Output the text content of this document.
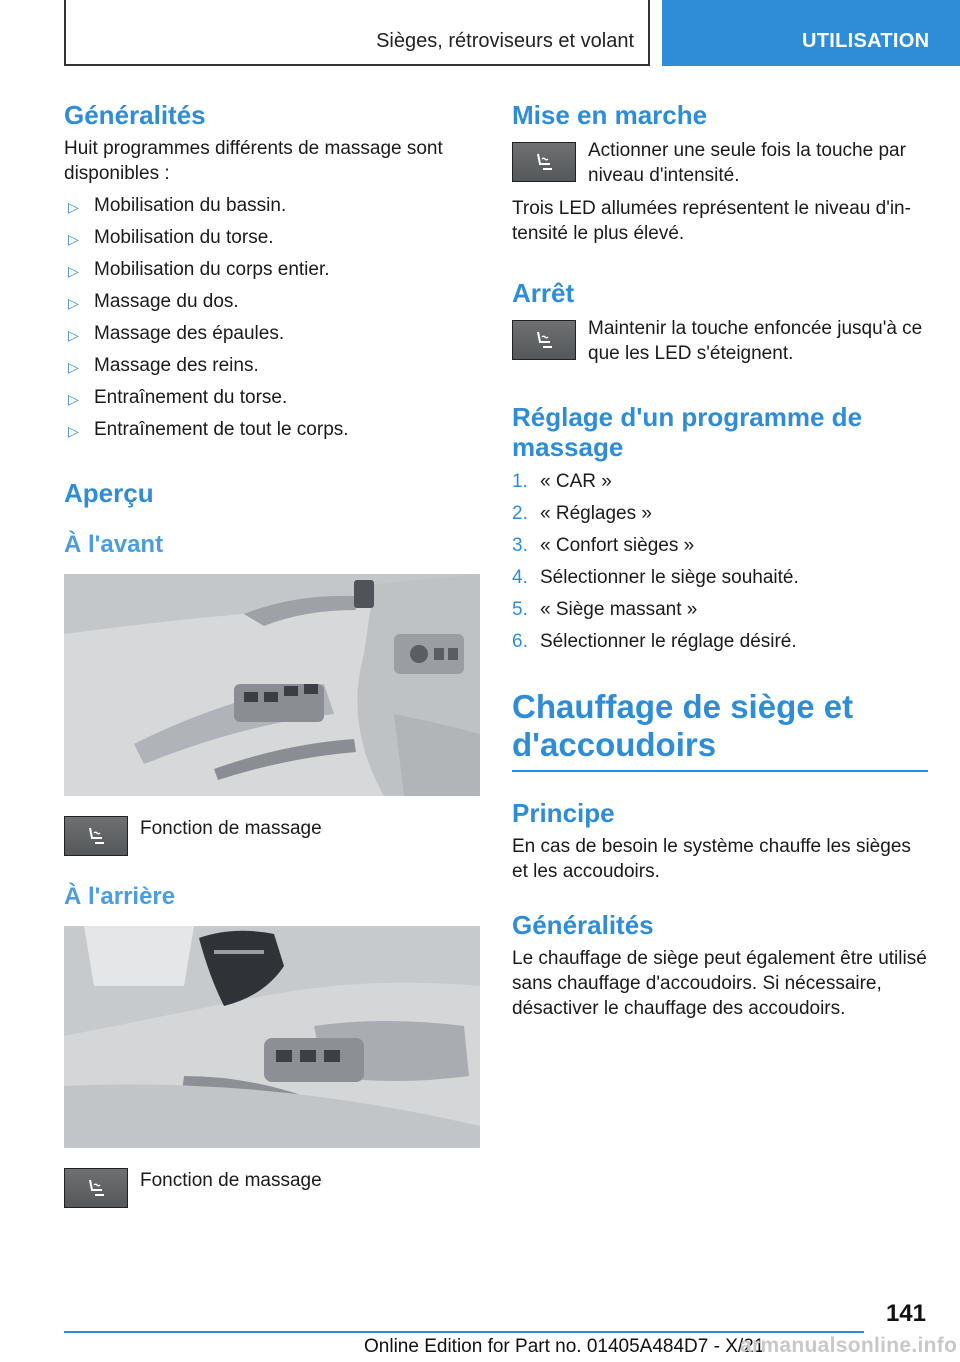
Sièges, rétroviseurs et volant	UTILISATION
Généralités
Huit programmes différents de massage sont disponibles :
▷ Mobilisation du bassin.
▷ Mobilisation du torse.
▷ Mobilisation du corps entier.
▷ Massage du dos.
▷ Massage des épaules.
▷ Massage des reins.
▷ Entraînement du torse.
▷ Entraînement de tout le corps.
Aperçu
À l'avant
Fonction de massage
À l'arrière
Fonction de massage
Mise en marche
Actionner une seule fois la touche par niveau d'intensité.
Trois LED allumées représentent le niveau d'intensité le plus élevé.
Arrêt
Maintenir la touche enfoncée jusqu'à ce que les LED s'éteignent.
Réglage d'un programme de massage
1. « CAR »
2. « Réglages »
3. « Confort sièges »
4. Sélectionner le siège souhaité.
5. « Siège massant »
6. Sélectionner le réglage désiré.
Chauffage de siège et d'accoudoirs
Principe
En cas de besoin le système chauffe les sièges et les accoudoirs.
Généralités
Le chauffage de siège peut également être utilisé sans chauffage d'accoudoirs. Si nécessaire, désactiver le chauffage des accoudoirs.
141
Online Edition for Part no. 01405A484D7 - X/21
armanualsonline.info
